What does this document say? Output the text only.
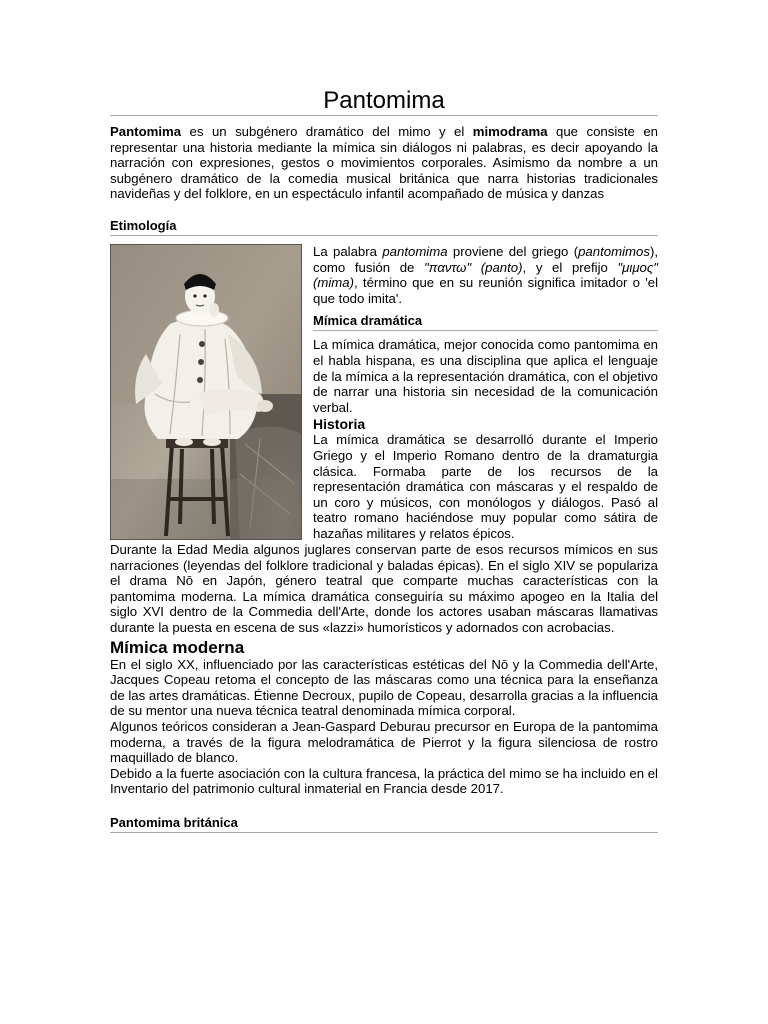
Pantomima

Pantomima es un subgénero dramático del mimo y el mimodrama que consiste en representar una historia mediante la mímica sin diálogos ni palabras, es decir apoyando la narración con expresiones, gestos o movimientos corporales. Asimismo da nombre a un subgénero dramático de la comedia musical británica que narra historias tradicionales navideñas y del folklore, en un espectáculo infantil acompañado de música y danzas

Etimología

La palabra pantomima proviene del griego (pantomimos), como fusión de "παντω" (panto), y el prefijo "μιμος" (mima), término que en su reunión significa imitador o 'el que todo imita'.

Mímica dramática

La mímica dramática, mejor conocida como pantomima en el habla hispana, es una disciplina que aplica el lenguaje de la mímica a la representación dramática, con el objetivo de narrar una historia sin necesidad de la comunicación verbal.

Historia

La mímica dramática se desarrolló durante el Imperio Griego y el Imperio Romano dentro de la dramaturgia clásica. Formaba parte de los recursos de la representación dramática con máscaras y el respaldo de un coro y músicos, con monólogos y diálogos. Pasó al teatro romano haciéndose muy popular como sátira de hazañas militares y relatos épicos.

Durante la Edad Media algunos juglares conservan parte de esos recursos mímicos en sus narraciones (leyendas del folklore tradicional y baladas épicas). En el siglo XIV se populariza el drama Nō en Japón, género teatral que comparte muchas características con la pantomima moderna. La mímica dramática conseguiría su máximo apogeo en la Italia del siglo XVI dentro de la Commedia dell'Arte, donde los actores usaban máscaras llamativas durante la puesta en escena de sus «lazzi» humorísticos y adornados con acrobacias.

Mímica moderna

En el siglo XX, influenciado por las características estéticas del Nō y la Commedia dell'Arte, Jacques Copeau retoma el concepto de las máscaras como una técnica para la enseñanza de las artes dramáticas. Étienne Decroux, pupilo de Copeau, desarrolla gracias a la influencia de su mentor una nueva técnica teatral denominada mímica corporal.

Algunos teóricos consideran a Jean-Gaspard Deburau precursor en Europa de la pantomima moderna, a través de la figura melodramática de Pierrot y la figura silenciosa de rostro maquillado de blanco.

Debido a la fuerte asociación con la cultura francesa, la práctica del mimo se ha incluido en el Inventario del patrimonio cultural inmaterial en Francia desde 2017.

Pantomima británica
